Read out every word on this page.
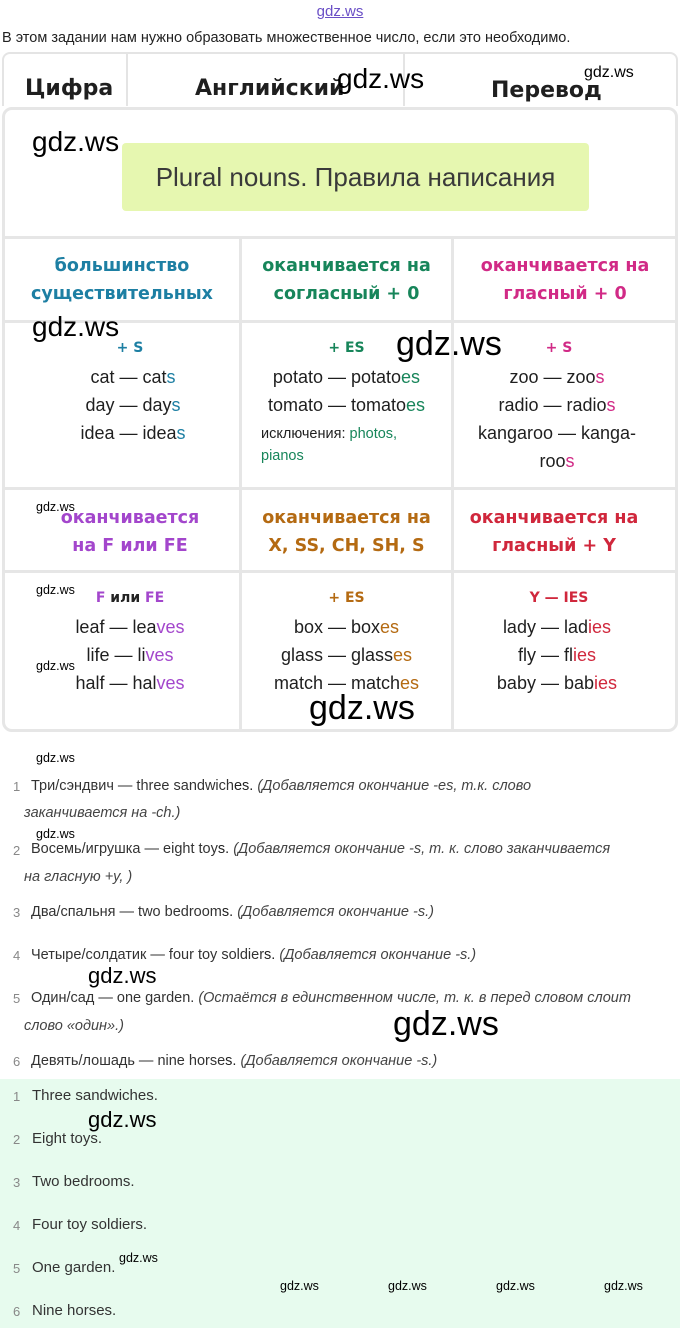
gdz.ws
В этом задании нам нужно образовать множественное число, если это необходимо.
Цифра	Английский	Перевод
Plural nouns. Правила написания
большинство
существительных
оканчивается на
согласный + 0
оканчивается на
гласный + 0
+ S
cat — cats
day — days
idea — ideas
+ ES
potato — potatoes
tomato — tomatoes
исключения: photos,
pianos
+ S
zoo — zoos
radio — radios
kangaroo — kanga-
roos
оканчивается
на F или FE
оканчивается на
X, SS, CH, SH, S
оканчивается на
гласный + Y
F или FE
leaf — leaves
life — lives
half — halves
+ ES
box — boxes
glass — glasses
match — matches
Y — IES
lady — ladies
fly — flies
baby — babies
1 Три/сэндвич — three sandwiches. (Добавляется окончание -es, т.к. слово
заканчивается на -ch.)
2 Восемь/игрушка — eight toys. (Добавляется окончание -s, т. к. слово заканчивается
на гласную +y, )
3 Два/спальня — two bedrooms. (Добавляется окончание -s.)
4 Четыре/солдатик — four toy soldiers. (Добавляется окончание -s.)
5 Один/сад — one garden. (Остаётся в единственном числе, т. к. в перед словом слоит
слово «один».)
6 Девять/лошадь — nine horses. (Добавляется окончание -s.)
1 Three sandwiches.
2 Eight toys.
3 Two bedrooms.
4 Four toy soldiers.
5 One garden.
6 Nine horses.
gdz.ws	gdz.ws
gdz.ws
gdz.ws	gdz.ws
gdz.ws
gdz.ws
gdz.ws
gdz.ws
gdz.ws
gdz.ws
gdz.ws
gdz.ws
gdz.ws
gdz.ws
gdz.ws	gdz.ws	gdz.ws	gdz.ws
